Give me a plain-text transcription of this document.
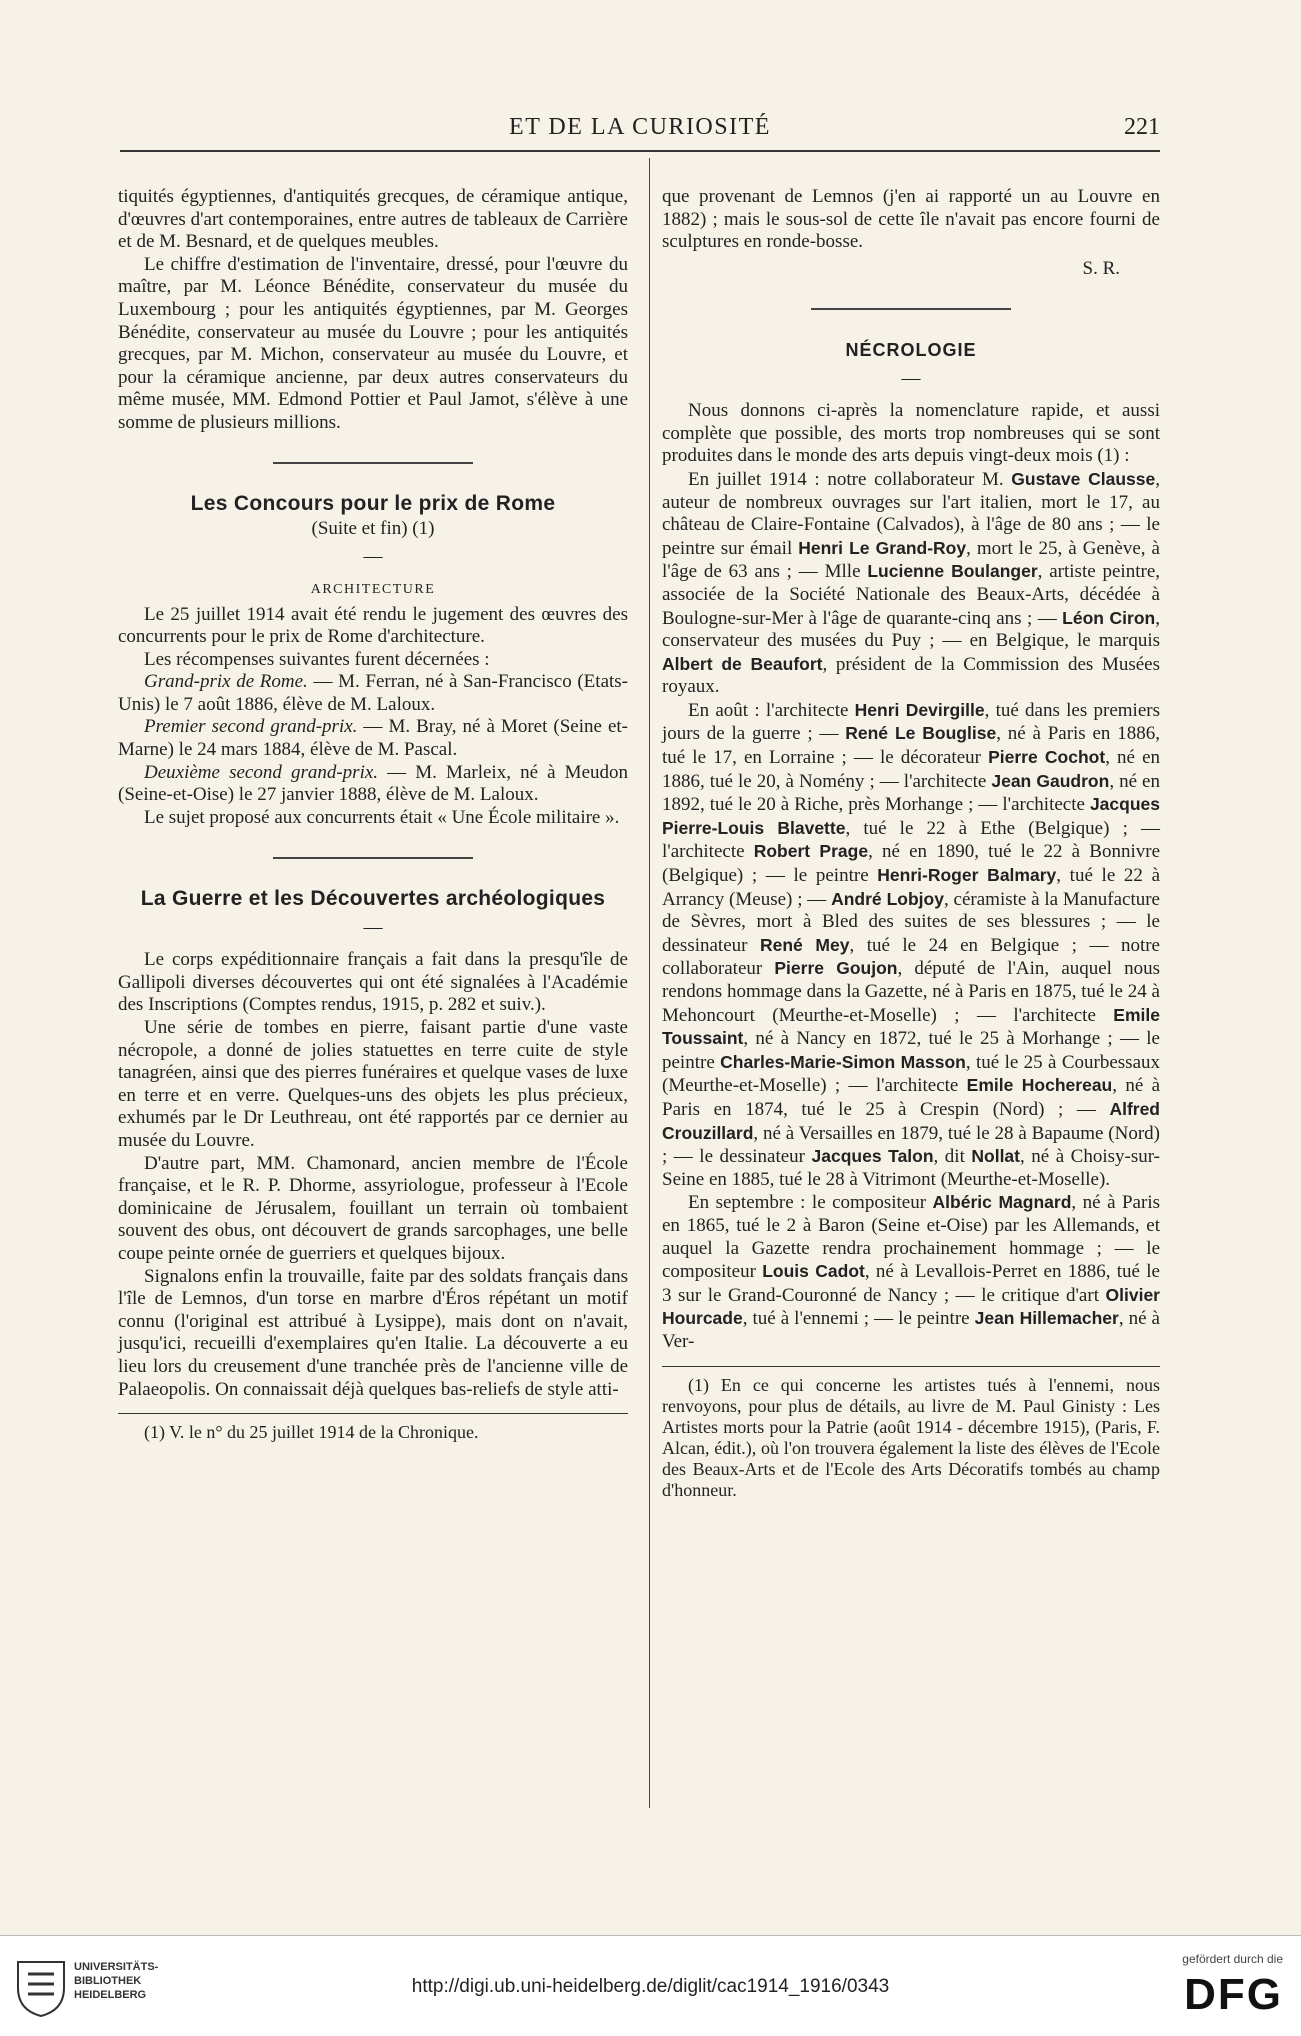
ET DE LA CURIOSITÉ	221

tiquités égyptiennes, d'antiquités grecques, de céramique antique, d'œuvres d'art contemporaines, entre autres de tableaux de Carrière et de M. Besnard, et de quelques meubles.

Le chiffre d'estimation de l'inventaire, dressé, pour l'œuvre du maître, par M. Léonce Bénédite, conservateur du musée du Luxembourg ; pour les antiquités égyptiennes, par M. Georges Bénédite, conservateur au musée du Louvre ; pour les antiquités grecques, par M. Michon, conservateur au musée du Louvre, et pour la céramique ancienne, par deux autres conservateurs du même musée, MM. Edmond Pottier et Paul Jamot, s'élève à une somme de plusieurs millions.

Les Concours pour le prix de Rome
(Suite et fin) (1)
—
ARCHITECTURE

Le 25 juillet 1914 avait été rendu le jugement des œuvres des concurrents pour le prix de Rome d'architecture.

Les récompenses suivantes furent décernées :

Grand-prix de Rome. — M. Ferran, né à San-Francisco (Etats-Unis) le 7 août 1886, élève de M. Laloux.

Premier second grand-prix. — M. Bray, né à Moret (Seine et-Marne) le 24 mars 1884, élève de M. Pascal.

Deuxième second grand-prix. — M. Marleix, né à Meudon (Seine-et-Oise) le 27 janvier 1888, élève de M. Laloux.

Le sujet proposé aux concurrents était « Une École militaire ».

La Guerre et les Découvertes archéologiques
—

Le corps expéditionnaire français a fait dans la presqu'île de Gallipoli diverses découvertes qui ont été signalées à l'Académie des Inscriptions (Comptes rendus, 1915, p. 282 et suiv.).

Une série de tombes en pierre, faisant partie d'une vaste nécropole, a donné de jolies statuettes en terre cuite de style tanagréen, ainsi que des pierres funéraires et quelque vases de luxe en terre et en verre. Quelques-uns des objets les plus précieux, exhumés par le Dr Leuthreau, ont été rapportés par ce dernier au musée du Louvre.

D'autre part, MM. Chamonard, ancien membre de l'École française, et le R. P. Dhorme, assyriologue, professeur à l'Ecole dominicaine de Jérusalem, fouillant un terrain où tombaient souvent des obus, ont découvert de grands sarcophages, une belle coupe peinte ornée de guerriers et quelques bijoux.

Signalons enfin la trouvaille, faite par des soldats français dans l'île de Lemnos, d'un torse en marbre d'Éros répétant un motif connu (l'original est attribué à Lysippe), mais dont on n'avait, jusqu'ici, recueilli d'exemplaires qu'en Italie. La découverte a eu lieu lors du creusement d'une tranchée près de l'ancienne ville de Palaeopolis. On connaissait déjà quelques bas-reliefs de style atti-

(1) V. le n° du 25 juillet 1914 de la Chronique.

que provenant de Lemnos (j'en ai rapporté un au Louvre en 1882) ; mais le sous-sol de cette île n'avait pas encore fourni de sculptures en ronde-bosse.

S. R.
NÉCROLOGIE
—

Nous donnons ci-après la nomenclature rapide, et aussi complète que possible, des morts trop nombreuses qui se sont produites dans le monde des arts depuis vingt-deux mois (1) :

En juillet 1914 : notre collaborateur M. Gustave Clausse, auteur de nombreux ouvrages sur l'art italien, mort le 17, au château de Claire-Fontaine (Calvados), à l'âge de 80 ans ; — le peintre sur émail Henri Le Grand-Roy, mort le 25, à Genève, à l'âge de 63 ans ; — Mlle Lucienne Boulanger, artiste peintre, associée de la Société Nationale des Beaux-Arts, décédée à Boulogne-sur-Mer à l'âge de quarante-cinq ans ; — Léon Ciron, conservateur des musées du Puy ; — en Belgique, le marquis Albert de Beaufort, président de la Commission des Musées royaux.

En août : l'architecte Henri Devirgille, tué dans les premiers jours de la guerre ; — René Le Bouglise, né à Paris en 1886, tué le 17, en Lorraine ; — le décorateur Pierre Cochot, né en 1886, tué le 20, à Nomény ; — l'architecte Jean Gaudron, né en 1892, tué le 20 à Riche, près Morhange ; — l'architecte Jacques Pierre-Louis Blavette, tué le 22 à Ethe (Belgique) ; — l'architecte Robert Prage, né en 1890, tué le 22 à Bonnivre (Belgique) ; — le peintre Henri-Roger Balmary, tué le 22 à Arrancy (Meuse) ; — André Lobjoy, céramiste à la Manufacture de Sèvres, mort à Bled des suites de ses blessures ; — le dessinateur René Mey, tué le 24 en Belgique ; — notre collaborateur Pierre Goujon, député de l'Ain, auquel nous rendons hommage dans la Gazette, né à Paris en 1875, tué le 24 à Mehoncourt (Meurthe-et-Moselle) ; — l'architecte Emile Toussaint, né à Nancy en 1872, tué le 25 à Morhange ; — le peintre Charles-Marie-Simon Masson, tué le 25 à Courbessaux (Meurthe-et-Moselle) ; — l'architecte Emile Hochereau, né à Paris en 1874, tué le 25 à Crespin (Nord) ; — Alfred Crouzillard, né à Versailles en 1879, tué le 28 à Bapaume (Nord) ; — le dessinateur Jacques Talon, dit Nollat, né à Choisy-sur-Seine en 1885, tué le 28 à Vitrimont (Meurthe-et-Moselle).

En septembre : le compositeur Albéric Magnard, né à Paris en 1865, tué le 2 à Baron (Seine et-Oise) par les Allemands, et auquel la Gazette rendra prochainement hommage ; — le compositeur Louis Cadot, né à Levallois-Perret en 1886, tué le 3 sur le Grand-Couronné de Nancy ; — le critique d'art Olivier Hourcade, tué à l'ennemi ; — le peintre Jean Hillemacher, né à Ver-

(1) En ce qui concerne les artistes tués à l'ennemi, nous renvoyons, pour plus de détails, au livre de M. Paul Ginisty : Les Artistes morts pour la Patrie (août 1914 - décembre 1915), (Paris, F. Alcan, édit.), où l'on trouvera également la liste des élèves de l'Ecole des Beaux-Arts et de l'Ecole des Arts Décoratifs tombés au champ d'honneur.

UNIVERSITÄTS-
BIBLIOTHEK
HEIDELBERG	http://digi.ub.uni-heidelberg.de/diglit/cac1914_1916/0343
gefördert durch die
DFG
